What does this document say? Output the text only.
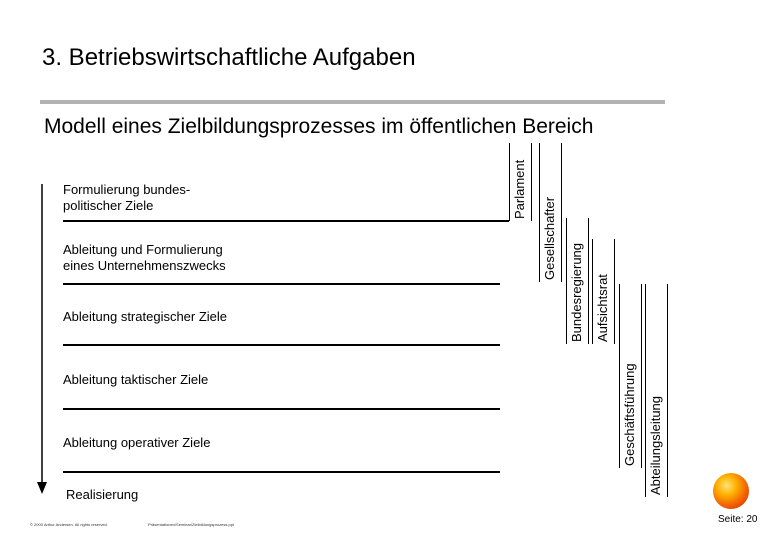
3. Betriebswirtschaftliche Aufgaben
Modell eines Zielbildungsprozesses im öffentlichen Bereich
Formulierung bundes-
politischer Ziele
Ableitung und Formulierung
eines Unternehmenszwecks
Ableitung strategischer Ziele
Ableitung taktischer Ziele
Ableitung operativer Ziele
Realisierung
Parlament
Gesellschafter
Bundesregierung Aufsichtsrat
Geschäftsführung Abteilungsleitung
© 2000 Arthur Andersen. All rights reserved.	Präsentationen/Seminar/Zielbildungsprozess.ppt	Seite: 20
